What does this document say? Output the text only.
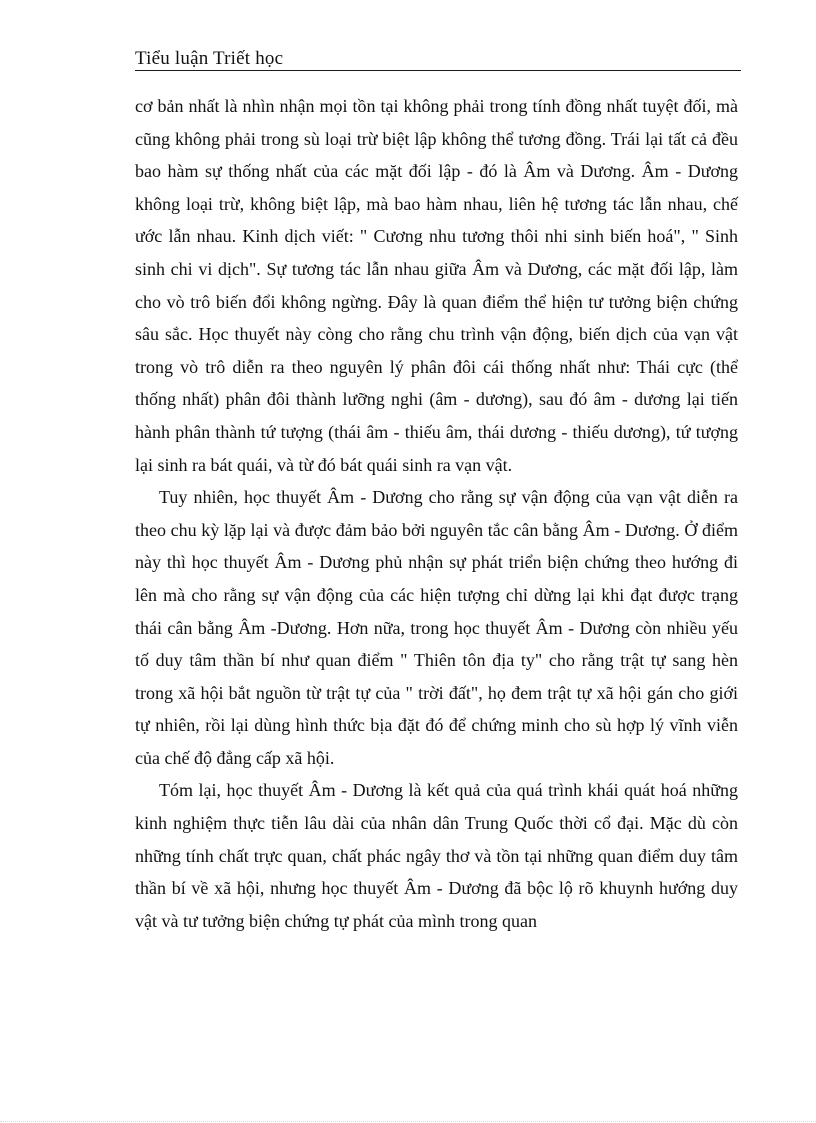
Tiểu luận Triết học

cơ bản nhất là nhìn nhận mọi tồn tại không phải trong tính đồng nhất tuyệt đối, mà cũng không phải trong sù loại trừ biệt lập không thể tương đồng. Trái lại tất cả đều bao hàm sự thống nhất của các mặt đối lập - đó là Âm và Dương. Âm - Dương không loại trừ, không biệt lập, mà bao hàm nhau, liên hệ tương tác lẫn nhau, chế ước lẫn nhau. Kinh dịch viết: " Cương nhu tương thôi nhi sinh biến hoá", " Sinh sinh chi vi dịch". Sự tương tác lẫn nhau giữa Âm và Dương, các mặt đối lập, làm cho vò trô biến đổi không ngừng. Đây là quan điểm thể hiện tư tưởng biện chứng sâu sắc. Học thuyết này còng cho rằng chu trình vận động, biến dịch của vạn vật trong vò trô diễn ra theo nguyên lý phân đôi cái thống nhất như: Thái cực (thể thống nhất) phân đôi thành lưỡng nghi (âm - dương), sau đó âm - dương lại tiến hành phân thành tứ tượng (thái âm - thiếu âm, thái dương - thiếu dương), tứ tượng lại sinh ra bát quái, và từ đó bát quái sinh ra vạn vật.

Tuy nhiên, học thuyết Âm - Dương cho rằng sự vận động của vạn vật diễn ra theo chu kỳ lặp lại và được đảm bảo bởi nguyên tắc cân bằng Âm - Dương. Ở điểm này thì học thuyết Âm - Dương phủ nhận sự phát triển biện chứng theo hướng đi lên mà cho rằng sự vận động của các hiện tượng chỉ dừng lại khi đạt được trạng thái cân bằng Âm -Dương. Hơn nữa, trong học thuyết Âm - Dương còn nhiều yếu tố duy tâm thần bí như quan điểm " Thiên tôn địa ty" cho rằng trật tự sang hèn trong xã hội bắt nguồn từ trật tự của " trời đất", họ đem trật tự xã hội gán cho giới tự nhiên, rồi lại dùng hình thức bịa đặt đó để chứng minh cho sù hợp lý vĩnh viễn của chế độ đẳng cấp xã hội.

Tóm lại, học thuyết Âm - Dương là kết quả của quá trình khái quát hoá những kinh nghiệm thực tiễn lâu dài của nhân dân Trung Quốc thời cổ đại. Mặc dù còn những tính chất trực quan, chất phác ngây thơ và tồn tại những quan điểm duy tâm thần bí về xã hội, nhưng học thuyết Âm - Dương đã bộc lộ rõ khuynh hướng duy vật và tư tưởng biện chứng tự phát của mình trong quan
